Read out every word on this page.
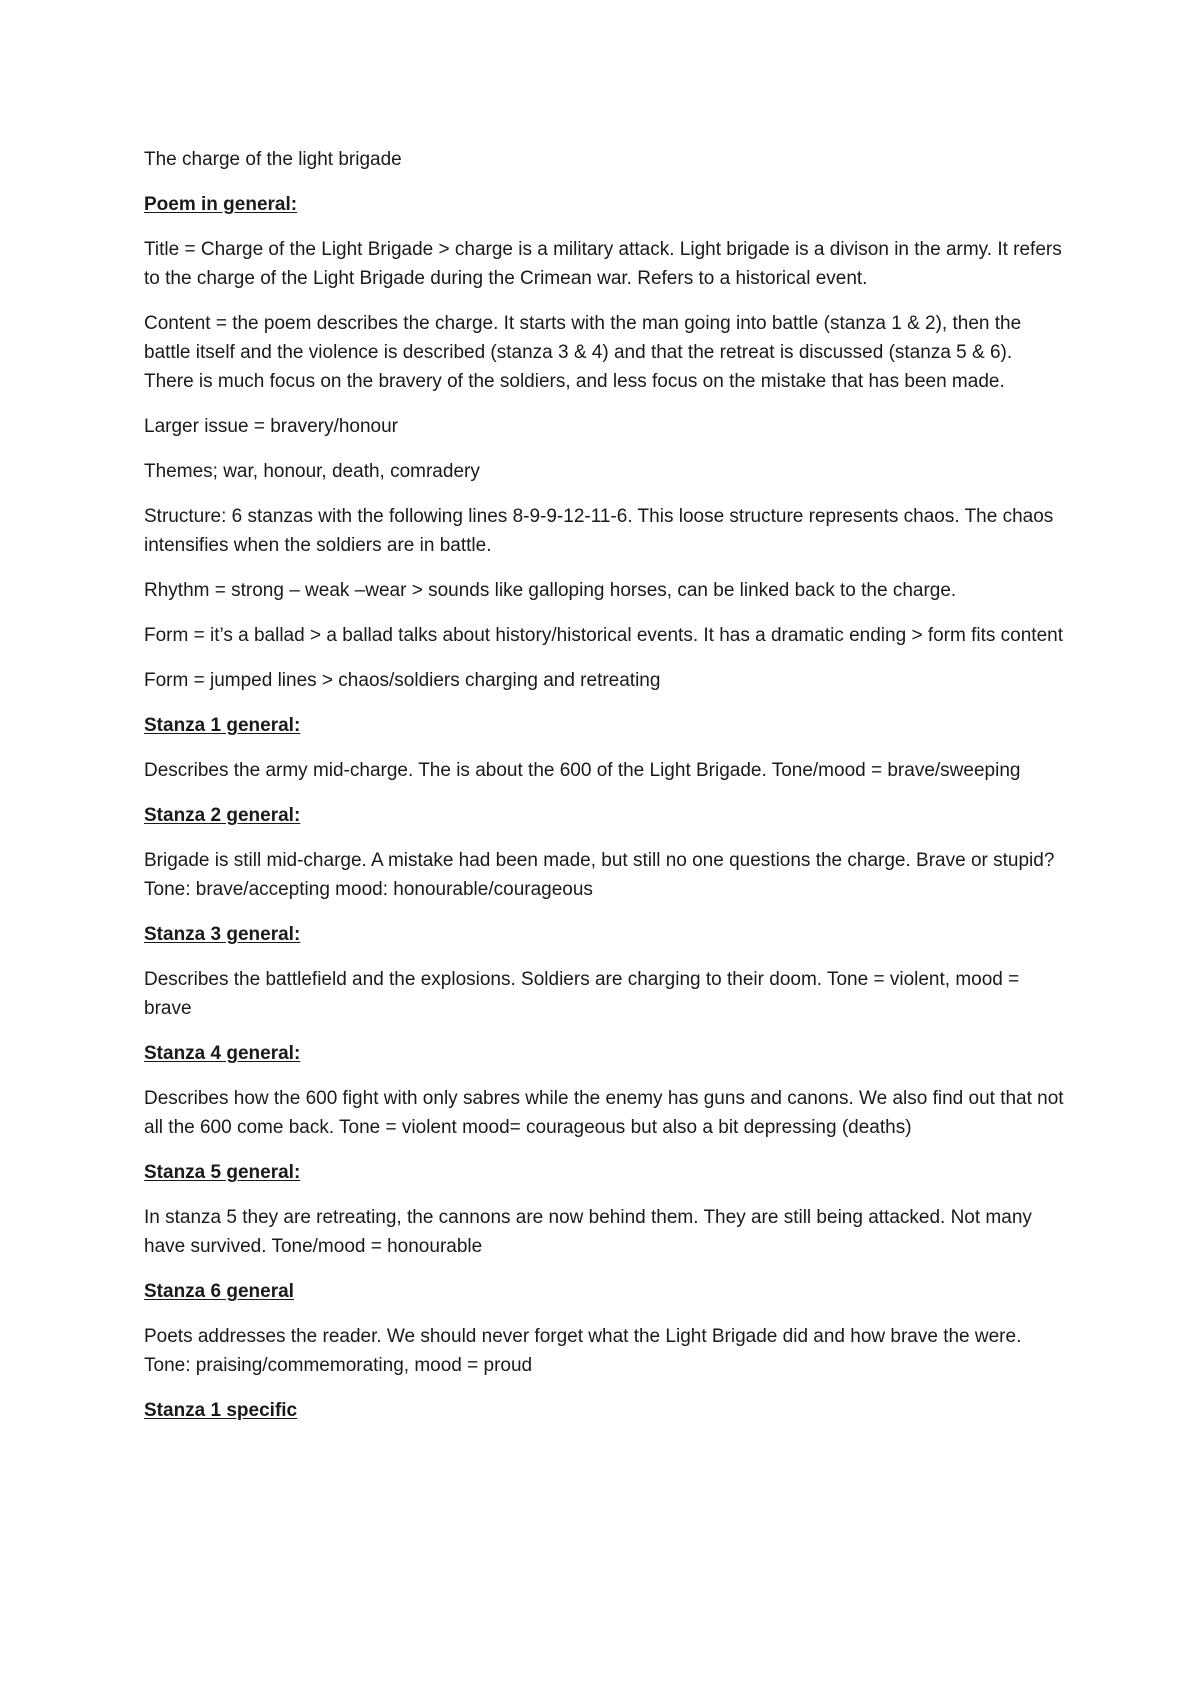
The charge of the light brigade

Poem in general:

Title = Charge of the Light Brigade > charge is a military attack. Light brigade is a divison in the army. It refers to the charge of the Light Brigade during the Crimean war. Refers to a historical event.

Content = the poem describes the charge. It starts with the man going into battle (stanza 1 & 2), then the battle itself and the violence is described (stanza 3 & 4) and that the retreat is discussed (stanza 5 & 6). There is much focus on the bravery of the soldiers, and less focus on the mistake that has been made.

Larger issue = bravery/honour

Themes; war, honour, death, comradery

Structure: 6 stanzas with the following lines 8-9-9-12-11-6. This loose structure represents chaos. The chaos intensifies when the soldiers are in battle.

Rhythm = strong – weak –wear > sounds like galloping horses, can be linked back to the charge.

Form = it’s a ballad > a ballad talks about history/historical events. It has a dramatic ending > form fits content

Form = jumped lines > chaos/soldiers charging and retreating

Stanza 1 general:

Describes the army mid-charge. The is about the 600 of the Light Brigade. Tone/mood = brave/sweeping

Stanza 2 general:

Brigade is still mid-charge. A mistake had been made, but still no one questions the charge. Brave or stupid? Tone: brave/accepting mood: honourable/courageous

Stanza 3 general:

Describes the battlefield and the explosions. Soldiers are charging to their doom. Tone = violent, mood = brave

Stanza 4 general:

Describes how the 600 fight with only sabres while the enemy has guns and canons. We also find out that not all the 600 come back. Tone = violent mood= courageous but also a bit depressing (deaths)

Stanza 5 general:

In stanza 5 they are retreating, the cannons are now behind them. They are still being attacked. Not many have survived. Tone/mood = honourable

Stanza 6 general

Poets addresses the reader. We should never forget what the Light Brigade did and how brave the were. Tone: praising/commemorating, mood = proud

Stanza 1 specific
